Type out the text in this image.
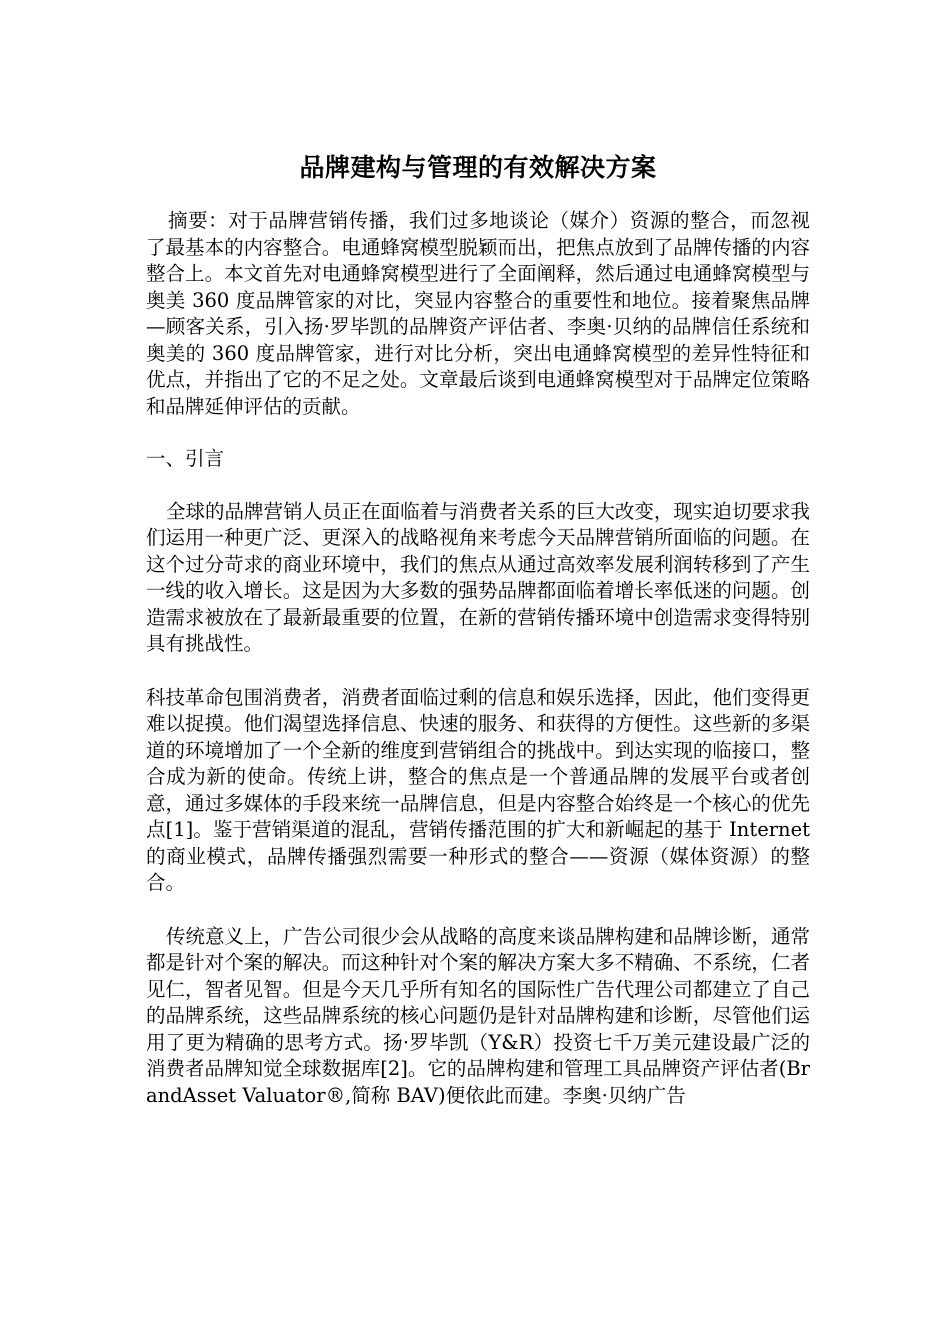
品牌建构与管理的有效解决方案

摘要：对于品牌营销传播，我们过多地谈论（媒介）资源的整合，而忽视了最基本的内容整合。电通蜂窝模型脱颖而出，把焦点放到了品牌传播的内容整合上。本文首先对电通蜂窝模型进行了全面阐释，然后通过电通蜂窝模型与奥美 360 度品牌管家的对比，突显内容整合的重要性和地位。接着聚焦品牌—顾客关系，引入扬·罗毕凯的品牌资产评估者、李奥·贝纳的品牌信任系统和奥美的 360 度品牌管家，进行对比分析，突出电通蜂窝模型的差异性特征和优点，并指出了它的不足之处。文章最后谈到电通蜂窝模型对于品牌定位策略和品牌延伸评估的贡献。

一、引言

全球的品牌营销人员正在面临着与消费者关系的巨大改变，现实迫切要求我们运用一种更广泛、更深入的战略视角来考虑今天品牌营销所面临的问题。在这个过分苛求的商业环境中，我们的焦点从通过高效率发展利润转移到了产生一线的收入增长。这是因为大多数的强势品牌都面临着增长率低迷的问题。创造需求被放在了最新最重要的位置，在新的营销传播环境中创造需求变得特别具有挑战性。

科技革命包围消费者，消费者面临过剩的信息和娱乐选择，因此，他们变得更难以捉摸。他们渴望选择信息、快速的服务、和获得的方便性。这些新的多渠道的环境增加了一个全新的维度到营销组合的挑战中。到达实现的临接口，整合成为新的使命。传统上讲，整合的焦点是一个普通品牌的发展平台或者创意，通过多媒体的手段来统一品牌信息，但是内容整合始终是一个核心的优先点[1]。鉴于营销渠道的混乱，营销传播范围的扩大和新崛起的基于 Internet 的商业模式，品牌传播强烈需要一种形式的整合——资源（媒体资源）的整合。

传统意义上，广告公司很少会从战略的高度来谈品牌构建和品牌诊断，通常都是针对个案的解决。而这种针对个案的解决方案大多不精确、不系统，仁者见仁，智者见智。但是今天几乎所有知名的国际性广告代理公司都建立了自己的品牌系统，这些品牌系统的核心问题仍是针对品牌构建和诊断，尽管他们运用了更为精确的思考方式。扬·罗毕凯（Y&R）投资七千万美元建设最广泛的消费者品牌知觉全球数据库[2]。它的品牌构建和管理工具品牌资产评估者(BrandAsset Valuator®,简称 BAV)便依此而建。李奥·贝纳广告
